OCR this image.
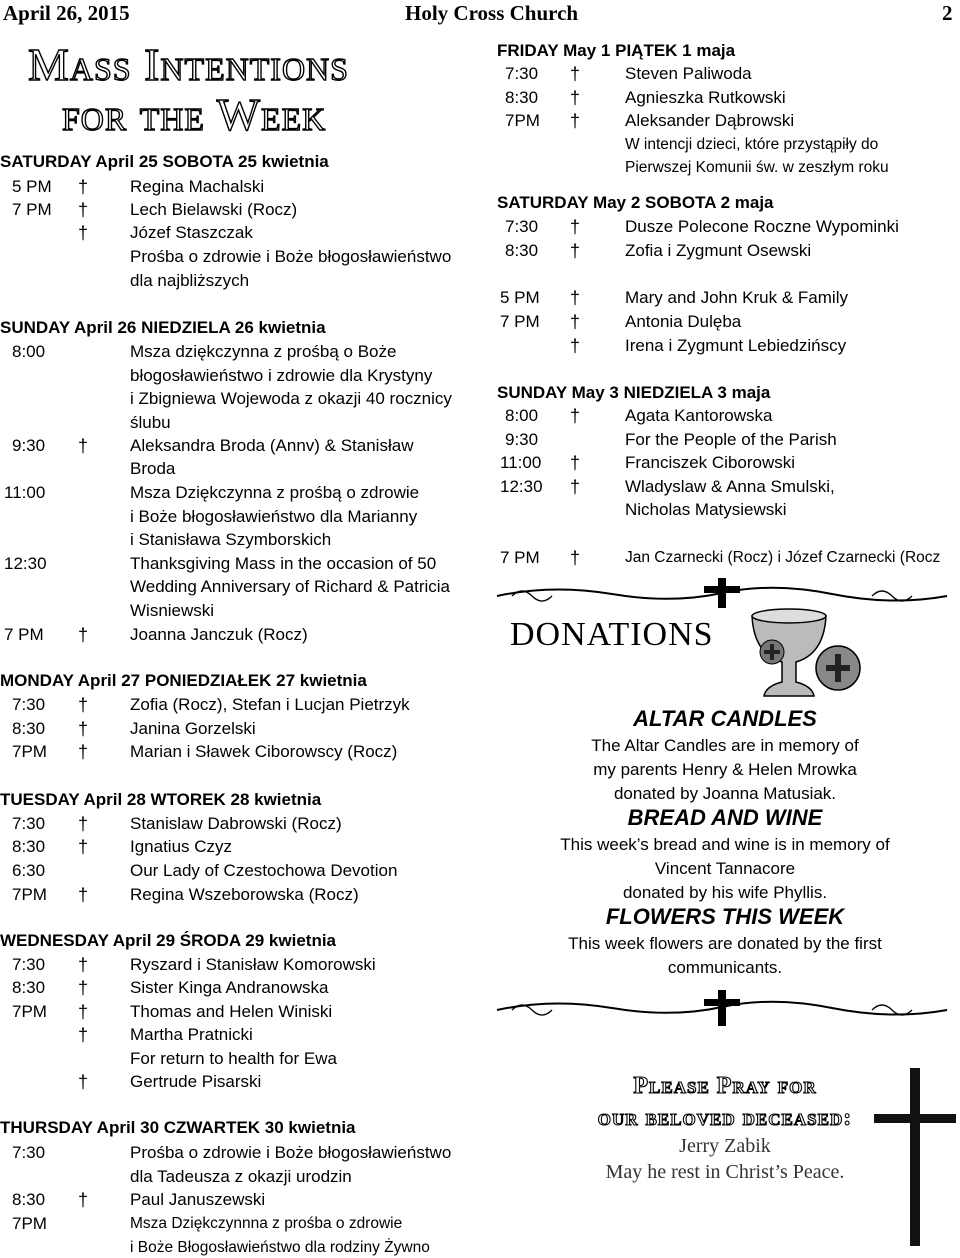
April 26, 2015	Holy Cross Church	2
Mass Intentions
for the Week
SATURDAY April 25 SOBOTA 25 kwietnia
5 PM † Regina Machalski
7 PM † Lech Bielawski (Rocz)
† Józef Staszczak
Prośba o zdrowie i Boże błogosławieństwo
dla najbliższych
SUNDAY April 26 NIEDZIELA 26 kwietnia
8:00	Msza dziękczynna z prośbą o Boże
błogosławieństwo i zdrowie dla Krystyny
i Zbigniewa Wojewoda z okazji 40 rocznicy
ślubu
9:30 † Aleksandra Broda (Annv) & Stanisław
Broda
11:00	Msza Dziękczynna z prośbą o zdrowie
i Boże błogosławieństwo dla Marianny
i Stanisława Szymborskich
12:30	Thanksgiving Mass in the occasion of 50
Wedding Anniversary of Richard & Patricia
Wisniewski
7 PM † Joanna Janczuk (Rocz)
MONDAY April 27 PONIEDZIAŁEK 27 kwietnia
7:30 † Zofia (Rocz), Stefan i Lucjan Pietrzyk
8:30 † Janina Gorzelski
7PM † Marian i Sławek Ciborowscy (Rocz)
TUESDAY April 28 WTOREK 28 kwietnia
7:30 † Stanislaw Dabrowski (Rocz)
8:30 † Ignatius Czyz
6:30	Our Lady of Czestochowa Devotion
7PM † Regina Wszeborowska (Rocz)
WEDNESDAY April 29 ŚRODA 29 kwietnia
7:30 † Ryszard i Stanisław Komorowski
8:30 † Sister Kinga Andranowska
7PM † Thomas and Helen Winiski
† Martha Pratnicki
For return to health for Ewa
† Gertrude Pisarski
THURSDAY April 30 CZWARTEK 30 kwietnia
7:30	Prośba o zdrowie i Boże błogosławieństwo
dla Tadeusza z okazji urodzin
8:30 † Paul Januszewski
7PM	Msza Dziękczynnna z prośba o zdrowie
i Boże Błogosławieństwo dla rodziny Żywno
FRIDAY May 1 PIĄTEK 1 maja
7:30 †	Steven Paliwoda
8:30 †	Agnieszka Rutkowski
7PM †	Aleksander Dąbrowski
W intencji dzieci, które przystąpiły do
Pierwszej Komunii św. w zeszłym roku
SATURDAY May 2 SOBOTA 2 maja
7:30 †	Dusze Polecone Roczne Wypominki
8:30 †	Zofia i Zygmunt Osewski
5 PM †	Mary and John Kruk & Family
7 PM †	Antonia Dulęba
†	Irena i Zygmunt Lebiedzińscy
SUNDAY May 3 NIEDZIELA 3 maja
8:00 †	Agata Kantorowska
9:30	For the People of the Parish
11:00 †	Franciszek Ciborowski
12:30 †	Wladyslaw & Anna Smulski,
Nicholas Matysiewski
7 PM †	Jan Czarnecki (Rocz) i Józef Czarnecki (Rocz
DONATIONS
ALTAR CANDLES
The Altar Candles are in memory of
my parents Henry & Helen Mrowka
donated by Joanna Matusiak.
BREAD AND WINE
This week’s bread and wine is in memory of
Vincent Tannacore
donated by his wife Phyllis.
FLOWERS THIS WEEK
This week flowers are donated by the first
communicants.
Please Pray for
our beloved deceased:
Jerry Zabik
May he rest in Christ’s Peace.
